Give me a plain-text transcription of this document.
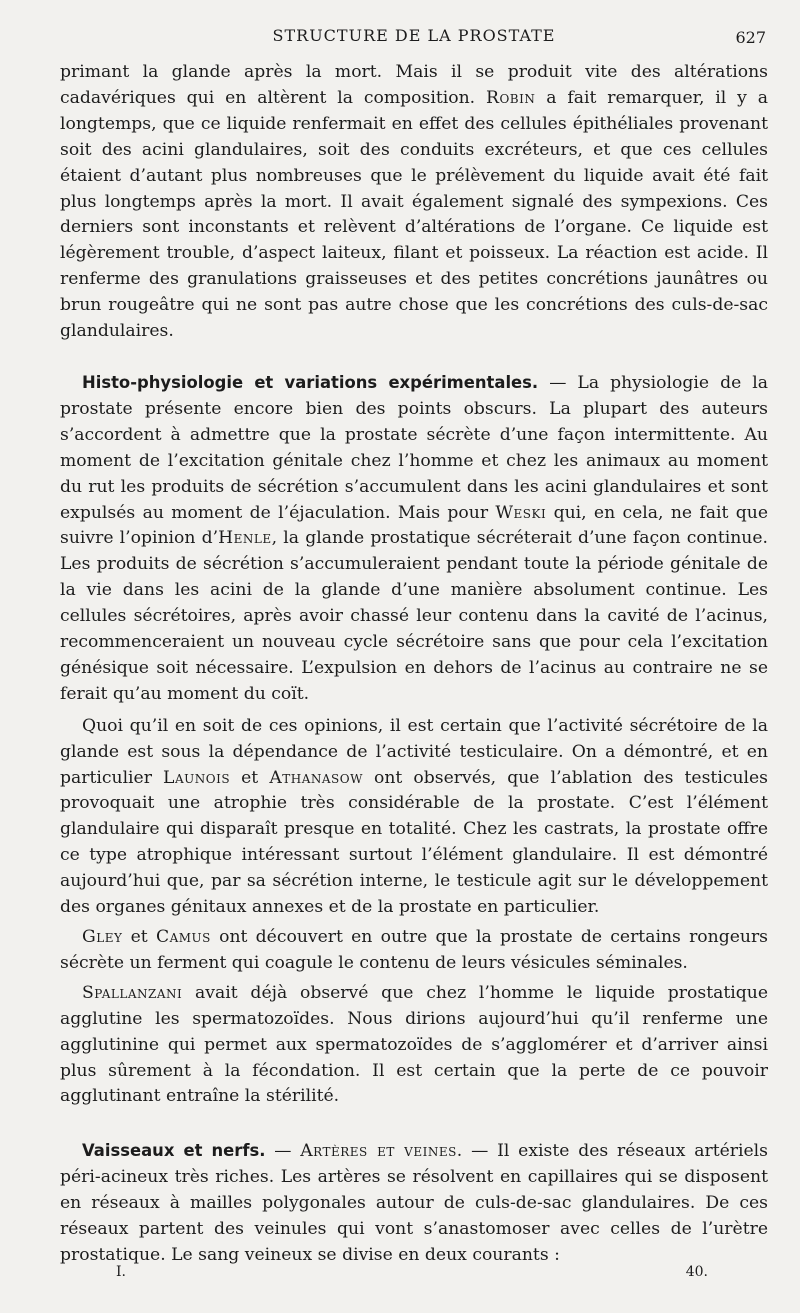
STRUCTURE DE LA PROSTATE	627

primant la glande après la mort. Mais il se produit vite des altérations cadavériques qui en altèrent la composition. Robin a fait remarquer, il y a longtemps, que ce liquide renfermait en effet des cellules épithéliales provenant soit des acini glandulaires, soit des conduits excréteurs, et que ces cellules étaient d’autant plus nombreuses que le prélèvement du liquide avait été fait plus longtemps après la mort. Il avait également signalé des sympexions. Ces derniers sont inconstants et relèvent d’altérations de l’organe. Ce liquide est légèrement trouble, d’aspect laiteux, filant et poisseux. La réaction est acide. Il renferme des granulations graisseuses et des petites concrétions jaunâtres ou brun rougeâtre qui ne sont pas autre chose que les concrétions des culs-de-sac glandulaires.

Histo-physiologie et variations expérimentales. — La physiologie de la prostate présente encore bien des points obscurs. La plupart des auteurs s’accordent à admettre que la prostate sécrète d’une façon intermittente. Au moment de l’excitation génitale chez l’homme et chez les animaux au moment du rut les produits de sécrétion s’accumulent dans les acini glandulaires et sont expulsés au moment de l’éjaculation. Mais pour Weski qui, en cela, ne fait que suivre l’opinion d’Henle, la glande prostatique sécréterait d’une façon continue. Les produits de sécrétion s’accumuleraient pendant toute la période génitale de la vie dans les acini de la glande d’une manière absolument continue. Les cellules sécrétoires, après avoir chassé leur contenu dans la cavité de l’acinus, recommenceraient un nouveau cycle sécrétoire sans que pour cela l’excitation génésique soit nécessaire. L’expulsion en dehors de l’acinus au contraire ne se ferait qu’au moment du coït.

Quoi qu’il en soit de ces opinions, il est certain que l’activité sécrétoire de la glande est sous la dépendance de l’activité testiculaire. On a démontré, et en particulier Launois et Athanasow ont observés, que l’ablation des testicules provoquait une atrophie très considérable de la prostate. C’est l’élément glandulaire qui disparaît presque en totalité. Chez les castrats, la prostate offre ce type atrophique intéressant surtout l’élément glandulaire. Il est démontré aujourd’hui que, par sa sécrétion interne, le testicule agit sur le développement des organes génitaux annexes et de la prostate en particulier.

Gley et Camus ont découvert en outre que la prostate de certains rongeurs sécrète un ferment qui coagule le contenu de leurs vésicules séminales.

Spallanzani avait déjà observé que chez l’homme le liquide prostatique agglutine les spermatozoïdes. Nous dirions aujourd’hui qu’il renferme une agglutinine qui permet aux spermatozoïdes de s’agglomérer et d’arriver ainsi plus sûrement à la fécondation. Il est certain que la perte de ce pouvoir agglutinant entraîne la stérilité.

Vaisseaux et nerfs. — Artères et veines. — Il existe des réseaux artériels péri-acineux très riches. Les artères se résolvent en capillaires qui se disposent en réseaux à mailles polygonales autour de culs-de-sac glandulaires. De ces réseaux partent des veinules qui vont s’anastomoser avec celles de l’urètre prostatique. Le sang veineux se divise en deux courants :

I.	40.
